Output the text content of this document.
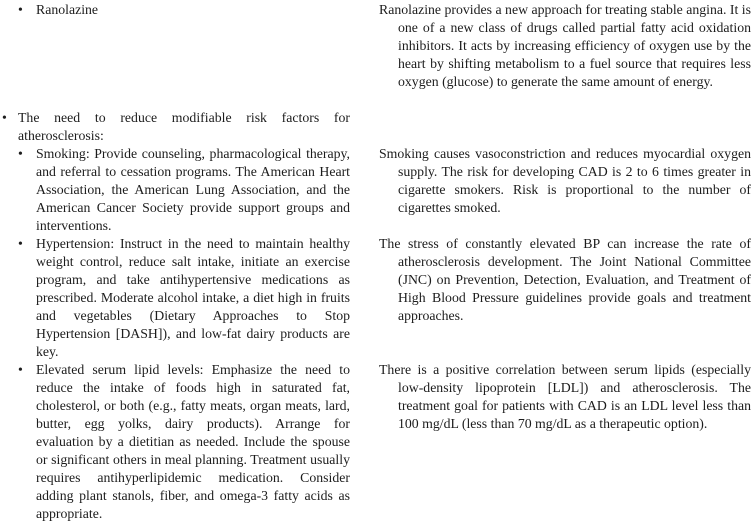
• Ranolazine
• The need to reduce modifiable risk factors for atherosclerosis:
• Smoking: Provide counseling, pharmacological therapy, and referral to cessation programs. The American Heart Association, the American Lung Association, and the American Cancer Society provide support groups and interventions.
• Hypertension: Instruct in the need to maintain healthy weight control, reduce salt intake, initiate an exercise program, and take antihypertensive medications as prescribed. Moderate alcohol intake, a diet high in fruits and vegetables (Dietary Approaches to Stop Hypertension [DASH]), and low-fat dairy products are key.
• Elevated serum lipid levels: Emphasize the need to reduce the intake of foods high in saturated fat, cholesterol, or both (e.g., fatty meats, organ meats, lard, butter, egg yolks, dairy products). Arrange for evaluation by a dietitian as needed. Include the spouse or significant others in meal planning. Treatment usually requires antihyperlipidemic medication. Consider adding plant stanols, fiber, and omega-3 fatty acids as appropriate.
Ranolazine provides a new approach for treating stable angina. It is one of a new class of drugs called partial fatty acid oxidation inhibitors. It acts by increasing efficiency of oxygen use by the heart by shifting metabolism to a fuel source that requires less oxygen (glucose) to generate the same amount of energy.
Smoking causes vasoconstriction and reduces myocardial oxygen supply. The risk for developing CAD is 2 to 6 times greater in cigarette smokers. Risk is proportional to the number of cigarettes smoked.
The stress of constantly elevated BP can increase the rate of atherosclerosis development. The Joint National Committee (JNC) on Prevention, Detection, Evaluation, and Treatment of High Blood Pressure guidelines provide goals and treatment approaches.
There is a positive correlation between serum lipids (especially low-density lipoprotein [LDL]) and atherosclerosis. The treatment goal for patients with CAD is an LDL level less than 100 mg/dL (less than 70 mg/dL as a therapeutic option).
